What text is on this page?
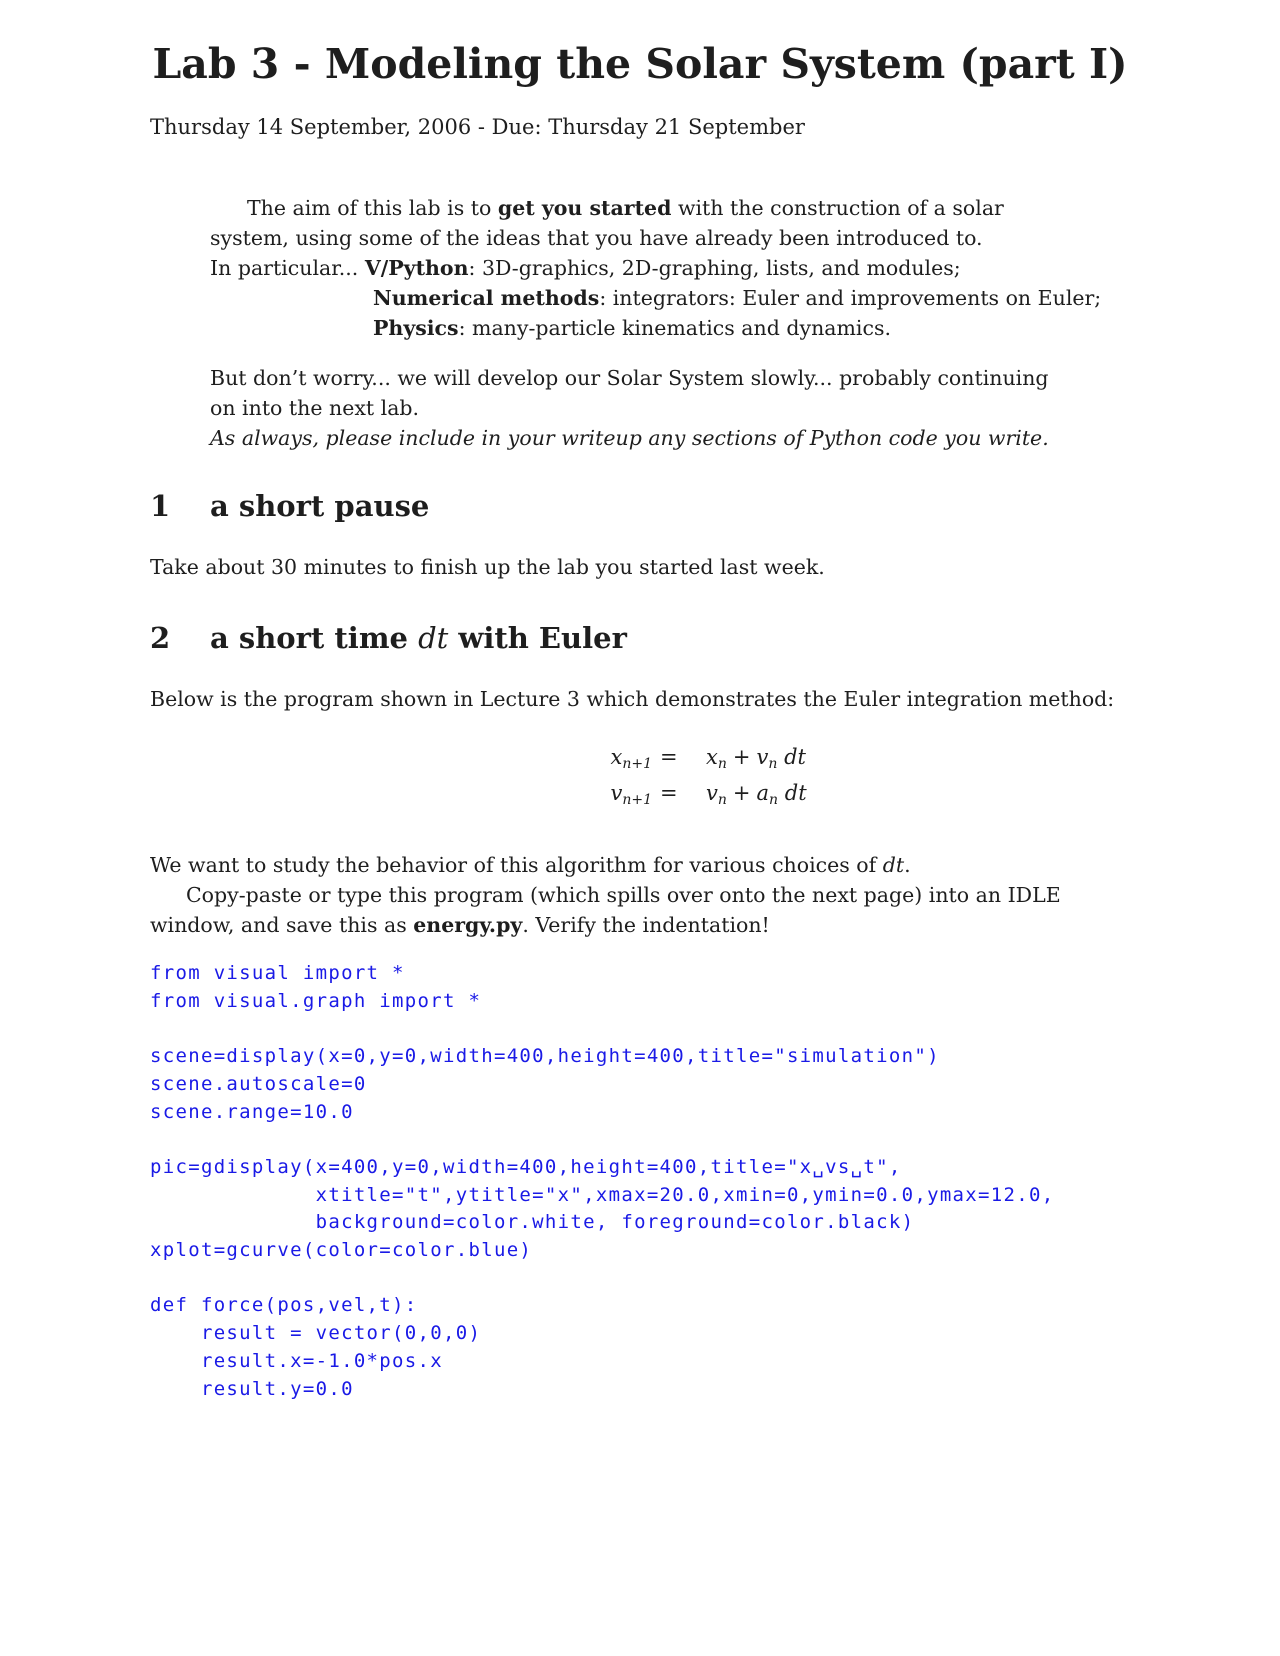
Lab 3 - Modeling the Solar System (part I)

Thursday 14 September, 2006 - Due: Thursday 21 September

The aim of this lab is to get you started with the construction of a solar

system, using some of the ideas that you have already been introduced to.

In particular... V/Python: 3D-graphics, 2D-graphing, lists, and modules;

Numerical methods: integrators: Euler and improvements on Euler;

Physics: many-particle kinematics and dynamics.

But don’t worry... we will develop our Solar System slowly... probably continuing

on into the next lab.

As always, please include in your writeup any sections of Python code you write.

1 a short pause

Take about 30 minutes to finish up the lab you started last week.

2 a short time dt with Euler

Below is the program shown in Lecture 3 which demonstrates the Euler integration method:

$x_{n+1} = x_n + v_n$ dt
$v_{n+1} = v_n + a_n$ dt

We want to study the behavior of this algorithm for various choices of dt.

Copy-paste or type this program (which spills over onto the next page) into an IDLE

window, and save this as energy.py. Verify the indentation!

from visual import *
from visual.graph import *

scene=display(x=0,y=0,width=400,height=400,title="simulation")
scene.autoscale=0
scene.range=10.0

pic=gdisplay(x=400,y=0,width=400,height=400,title="x␣vs␣t",
xtitle="t",ytitle="x",xmax=20.0,xmin=0,ymin=0.0,ymax=12.0,
background=color.white, foreground=color.black)
xplot=gcurve(color=color.blue)

def force(pos,vel,t):
result = vector(0,0,0)
result.x=-1.0*pos.x
result.y=0.0
